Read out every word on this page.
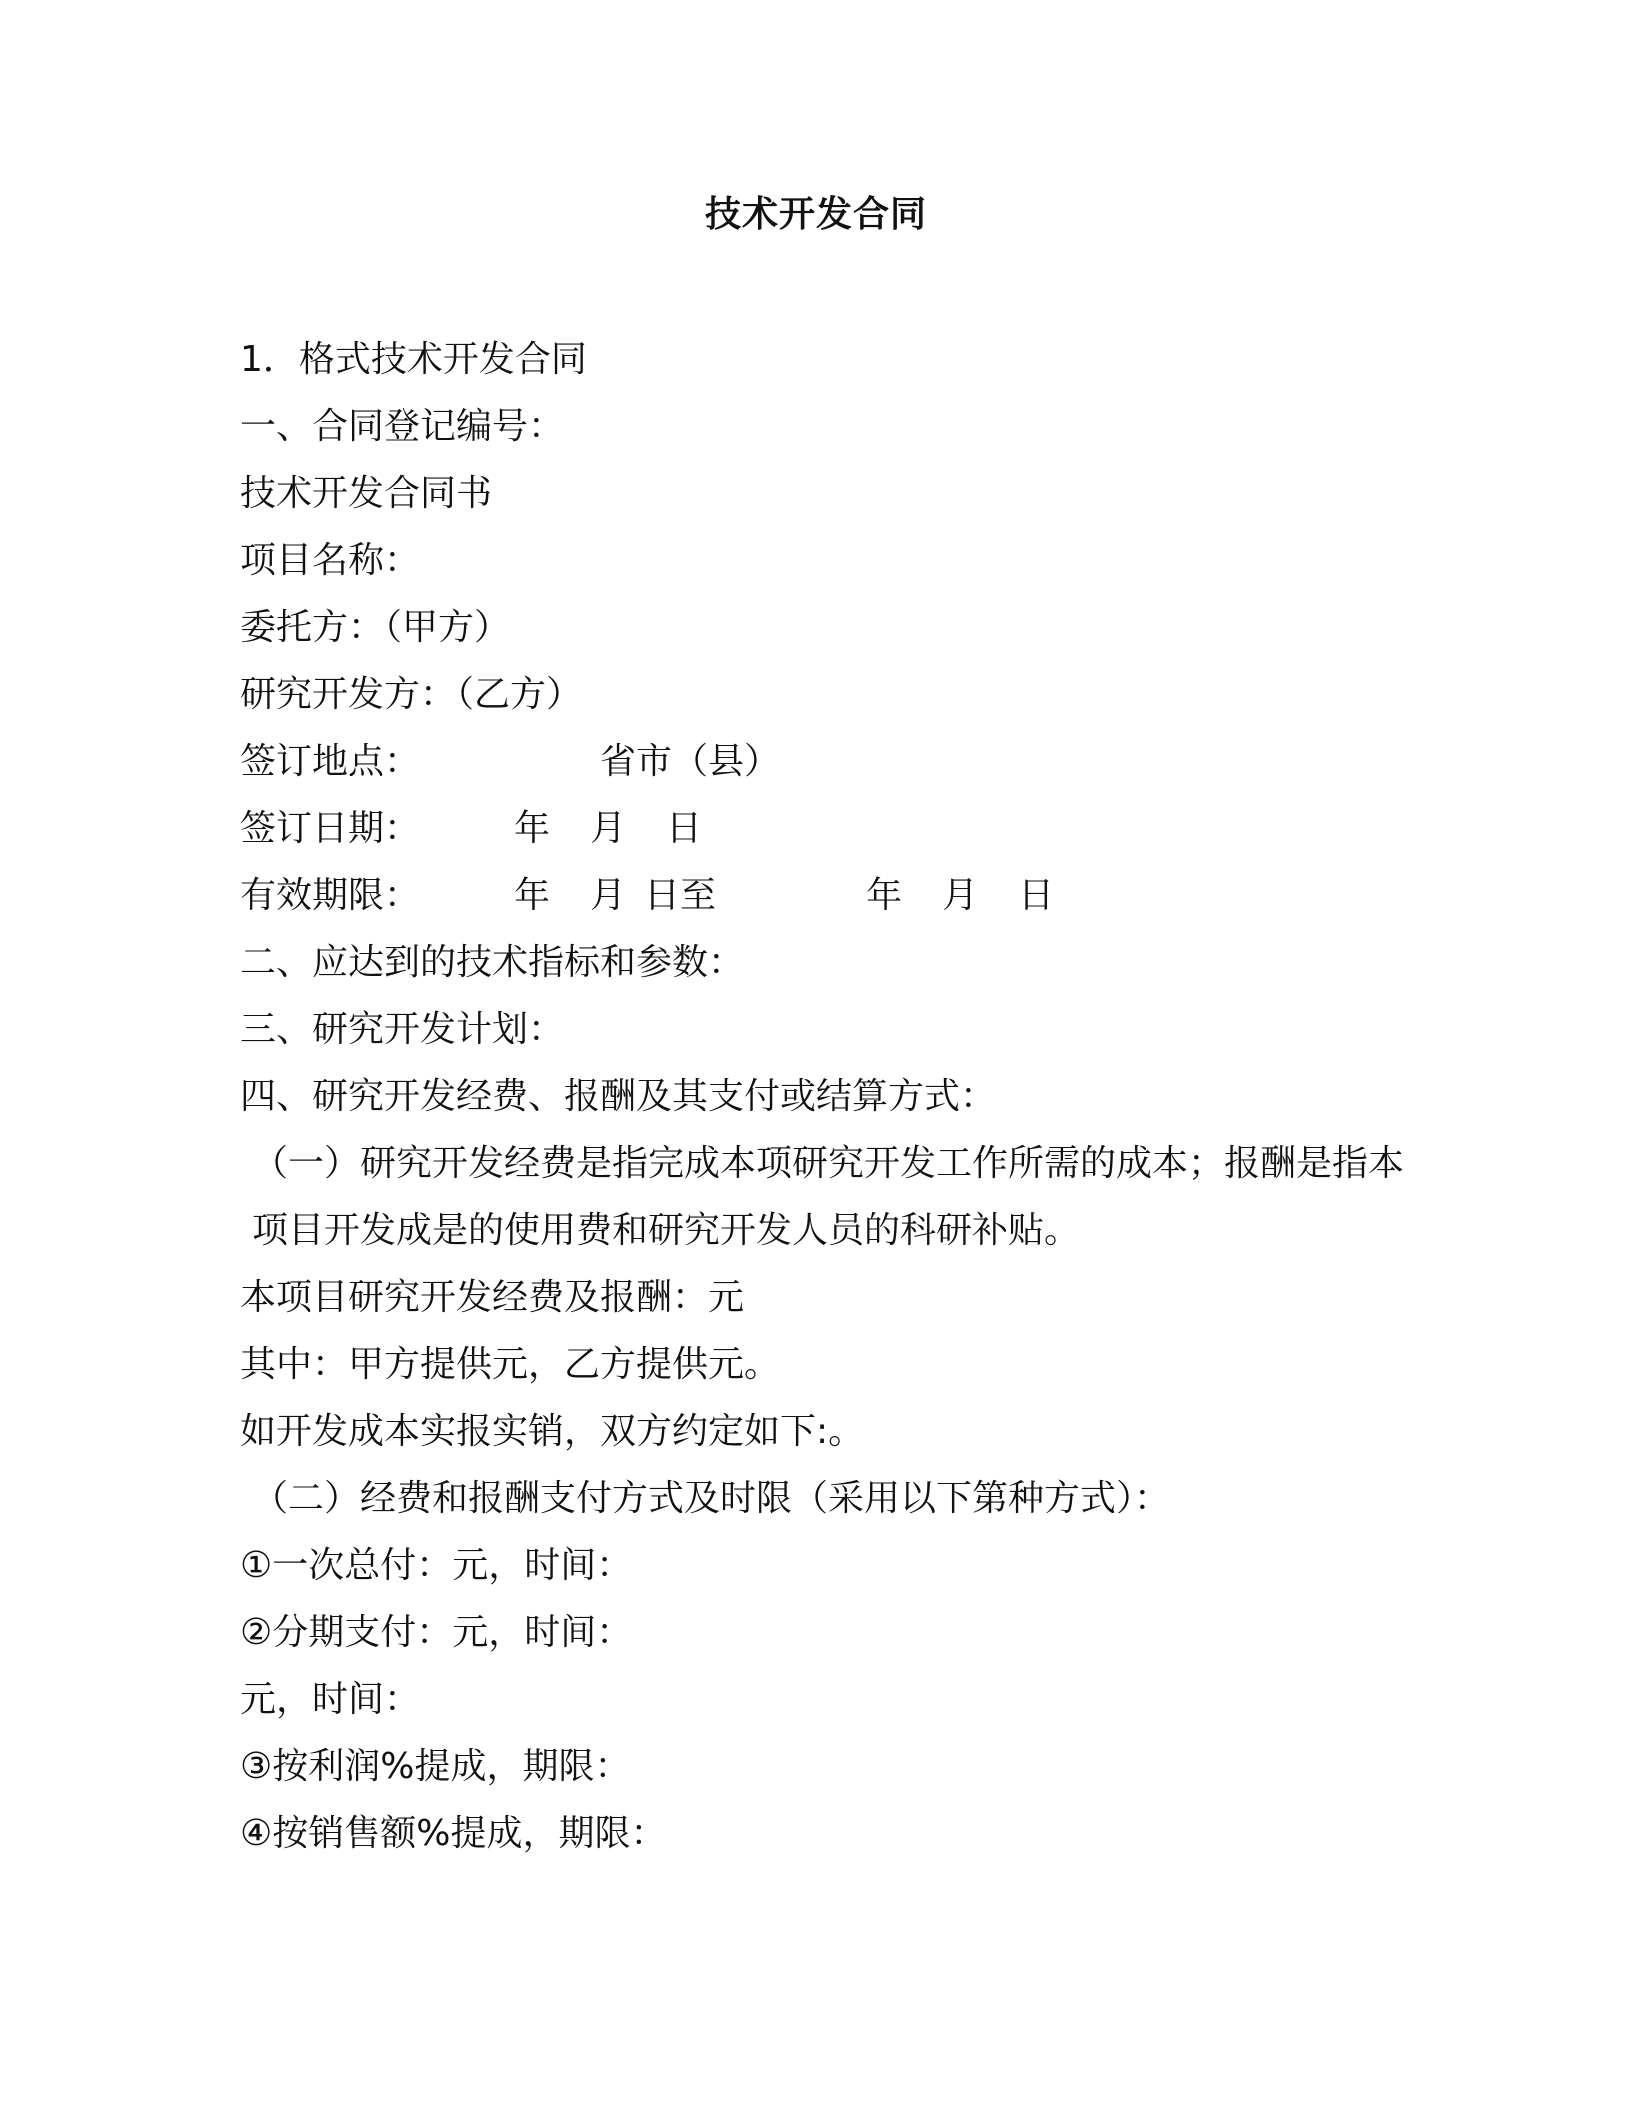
技术开发合同
1．格式技术开发合同
一、合同登记编号：
技术开发合同书
项目名称：
委托方：（甲方）
研究开发方：（乙方）
签订地点：	省市（县）
签订日期：	年 月 日
有效期限：	年 月 日至	年 月 日
二、应达到的技术指标和参数：
三、研究开发计划：
四、研究开发经费、报酬及其支付或结算方式：
（一）研究开发经费是指完成本项研究开发工作所需的成本；报酬是指本项目开发成是的使用费和研究开发人员的科研补贴。
本项目研究开发经费及报酬：元
其中：甲方提供元，乙方提供元。
如开发成本实报实销，双方约定如下:。
（二）经费和报酬支付方式及时限（采用以下第种方式）：
①一次总付：元，时间：
②分期支付：元，时间：
元，时间：
③按利润%提成，期限：
④按销售额%提成，期限：
